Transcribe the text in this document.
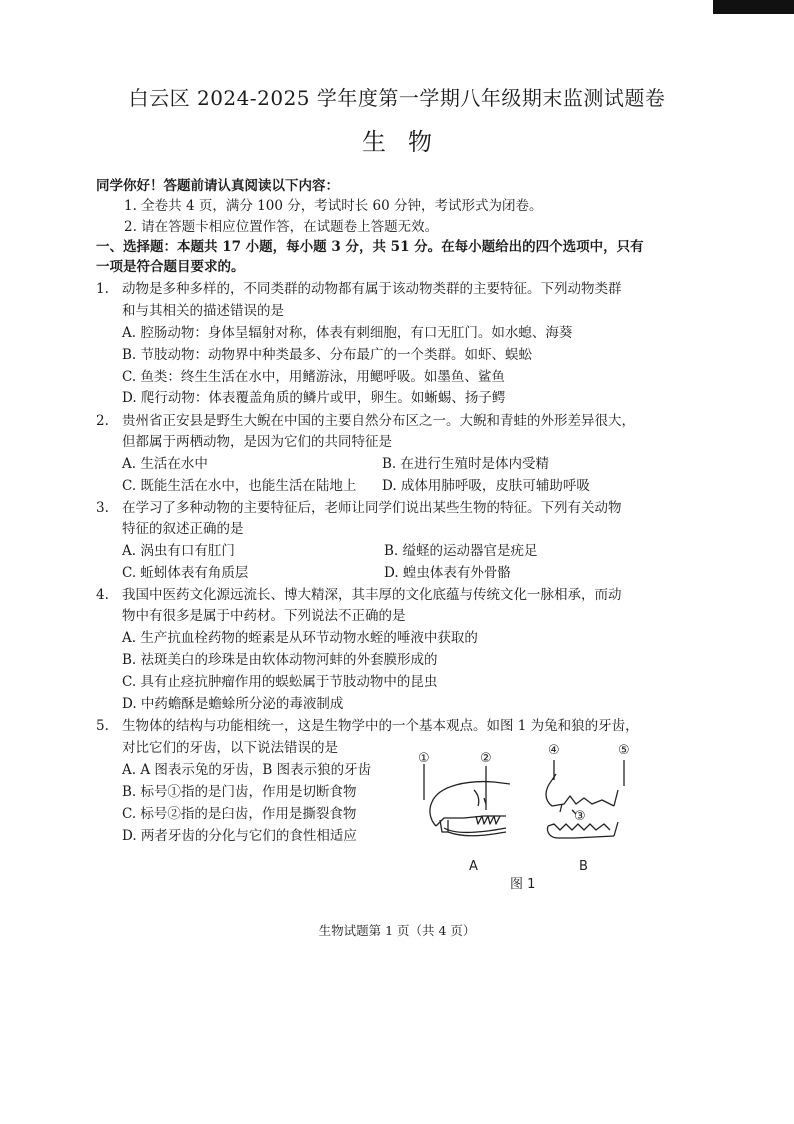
白云区 2024-2025 学年度第一学期八年级期末监测试题卷
生物
同学你好！答题前请认真阅读以下内容：
1. 全卷共 4 页，满分 100 分，考试时长 60 分钟，考试形式为闭卷。
2. 请在答题卡相应位置作答，在试题卷上答题无效。
一、选择题：本题共 17 小题，每小题 3 分，共 51 分。在每小题给出的四个选项中，只有
一项是符合题目要求的。
1. 动物是多种多样的，不同类群的动物都有属于该动物类群的主要特征。下列动物类群
和与其相关的描述错误的是
A. 腔肠动物：身体呈辐射对称，体表有刺细胞，有口无肛门。如水螅、海葵
B. 节肢动物：动物界中种类最多、分布最广的一个类群。如虾、蜈蚣
C. 鱼类：终生生活在水中，用鳍游泳，用鳃呼吸。如墨鱼、鲨鱼
D. 爬行动物：体表覆盖角质的鳞片或甲，卵生。如蜥蜴、扬子鳄
2. 贵州省正安县是野生大鲵在中国的主要自然分布区之一。大鲵和青蛙的外形差异很大，
但都属于两栖动物，是因为它们的共同特征是
A. 生活在水中	B. 在进行生殖时是体内受精
C. 既能生活在水中，也能生活在陆地上 D. 成体用肺呼吸，皮肤可辅助呼吸
3. 在学习了多种动物的主要特征后，老师让同学们说出某些生物的特征。下列有关动物
特征的叙述正确的是
A. 涡虫有口有肛门	B. 缢蛏的运动器官是疣足
C. 蚯蚓体表有角质层	D. 蝗虫体表有外骨骼
4. 我国中医药文化源远流长、博大精深，其丰厚的文化底蕴与传统文化一脉相承，而动
物中有很多是属于中药材。下列说法不正确的是
A. 生产抗血栓药物的蛭素是从环节动物水蛭的唾液中获取的
B. 祛斑美白的珍珠是由软体动物河蚌的外套膜形成的
C. 具有止痉抗肿瘤作用的蜈蚣属于节肢动物中的昆虫
D. 中药蟾酥是蟾蜍所分泌的毒液制成
5. 生物体的结构与功能相统一，这是生物学中的一个基本观点。如图 1 为兔和狼的牙齿，
对比它们的牙齿，以下说法错误的是
A. A 图表示兔的牙齿，B 图表示狼的牙齿
B. 标号①指的是门齿，作用是切断食物
C. 标号②指的是臼齿，作用是撕裂食物
D. 两者牙齿的分化与它们的食性相适应
①	②
④	⑤
③
A	B
图 1
生物试题第 1 页（共 4 页）
